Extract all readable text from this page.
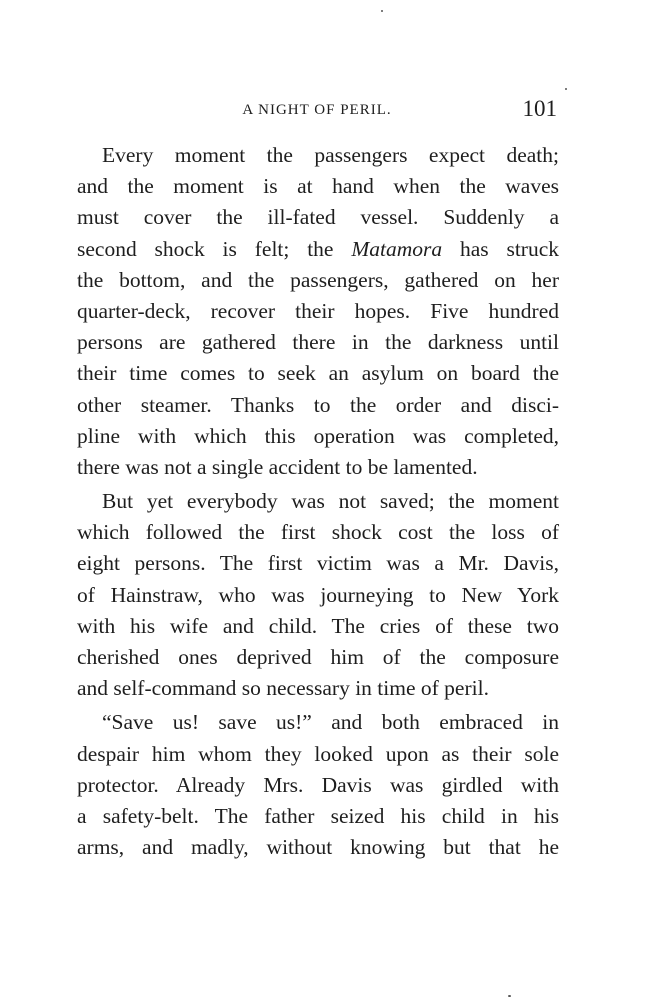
A NIGHT OF PERIL.	101
Every moment the passengers expect death;
and the moment is at hand when the waves
must cover the ill-fated vessel. Suddenly a
second shock is felt; the Matamora has struck
the bottom, and the passengers, gathered on her
quarter-deck, recover their hopes. Five hundred
persons are gathered there in the darkness until
their time comes to seek an asylum on board the
other steamer. Thanks to the order and disci-
pline with which this operation was completed,
there was not a single accident to be lamented.
But yet everybody was not saved; the moment
which followed the first shock cost the loss of
eight persons. The first victim was a Mr. Davis,
of Hainstraw, who was journeying to New York
with his wife and child. The cries of these two
cherished ones deprived him of the composure
and self-command so necessary in time of peril.
“Save us! save us!” and both embraced in
despair him whom they looked upon as their sole
protector. Already Mrs. Davis was girdled with
a safety-belt. The father seized his child in his
arms, and madly, without knowing but that he
